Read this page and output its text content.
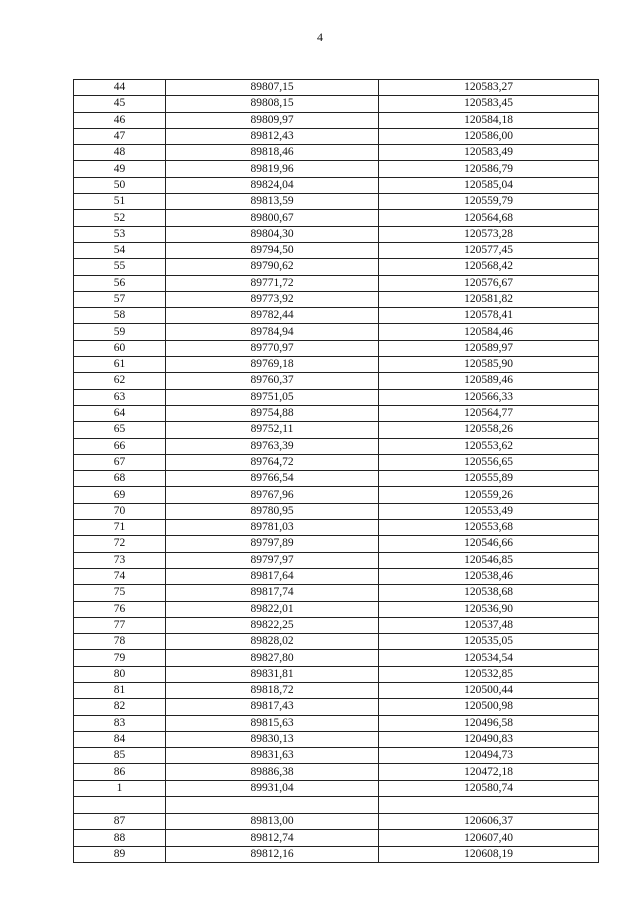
4
44	89807,15	120583,27
45	89808,15	120583,45
46	89809,97	120584,18
47	89812,43	120586,00
48	89818,46	120583,49
49	89819,96	120586,79
50	89824,04	120585,04
51	89813,59	120559,79
52	89800,67	120564,68
53	89804,30	120573,28
54	89794,50	120577,45
55	89790,62	120568,42
56	89771,72	120576,67
57	89773,92	120581,82
58	89782,44	120578,41
59	89784,94	120584,46
60	89770,97	120589,97
61	89769,18	120585,90
62	89760,37	120589,46
63	89751,05	120566,33
64	89754,88	120564,77
65	89752,11	120558,26
66	89763,39	120553,62
67	89764,72	120556,65
68	89766,54	120555,89
69	89767,96	120559,26
70	89780,95	120553,49
71	89781,03	120553,68
72	89797,89	120546,66
73	89797,97	120546,85
74	89817,64	120538,46
75	89817,74	120538,68
76	89822,01	120536,90
77	89822,25	120537,48
78	89828,02	120535,05
79	89827,80	120534,54
80	89831,81	120532,85
81	89818,72	120500,44
82	89817,43	120500,98
83	89815,63	120496,58
84	89830,13	120490,83
85	89831,63	120494,73
86	89886,38	120472,18
1	89931,04	120580,74

87	89813,00	120606,37
88	89812,74	120607,40
89	89812,16	120608,19
